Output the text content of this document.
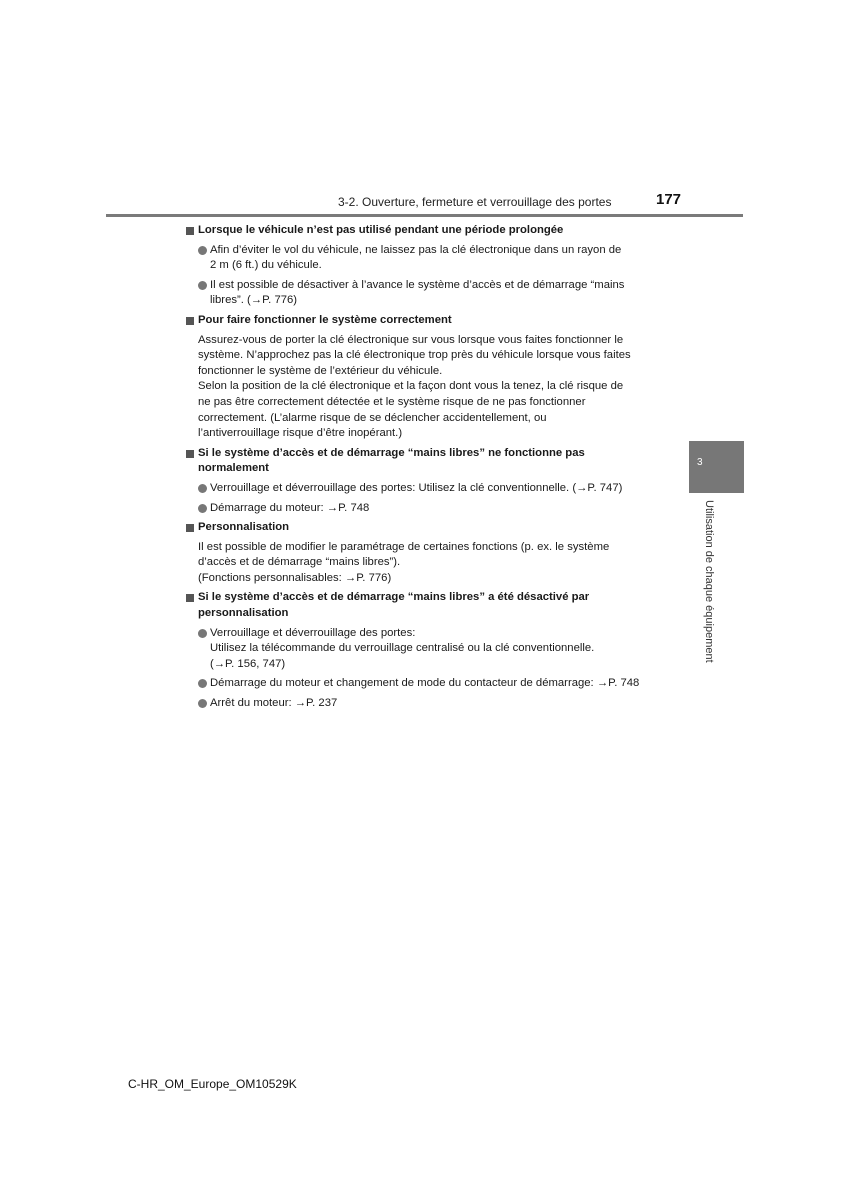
3-2. Ouverture, fermeture et verrouillage des portes	177
Lorsque le véhicule n’est pas utilisé pendant une période prolongée
Afin d’éviter le vol du véhicule, ne laissez pas la clé électronique dans un rayon de
2 m (6 ft.) du véhicule.
Il est possible de désactiver à l’avance le système d’accès et de démarrage “mains
libres”. (→P. 776)
Pour faire fonctionner le système correctement
Assurez-vous de porter la clé électronique sur vous lorsque vous faites fonctionner le
système. N’approchez pas la clé électronique trop près du véhicule lorsque vous faites
fonctionner le système de l’extérieur du véhicule.
Selon la position de la clé électronique et la façon dont vous la tenez, la clé risque de
ne pas être correctement détectée et le système risque de ne pas fonctionner
correctement. (L’alarme risque de se déclencher accidentellement, ou
l’antiverrouillage risque d’être inopérant.)
Si le système d’accès et de démarrage “mains libres” ne fonctionne pas
normalement
Verrouillage et déverrouillage des portes: Utilisez la clé conventionnelle. (→P. 747)
Démarrage du moteur: →P. 748
Personnalisation
Il est possible de modifier le paramétrage de certaines fonctions (p. ex. le système
d’accès et de démarrage “mains libres”).
(Fonctions personnalisables: →P. 776)
Si le système d’accès et de démarrage “mains libres” a été désactivé par
personnalisation
Verrouillage et déverrouillage des portes:
Utilisez la télécommande du verrouillage centralisé ou la clé conventionnelle.
(→P. 156, 747)
Démarrage du moteur et changement de mode du contacteur de démarrage: →P. 748
Arrêt du moteur: →P. 237
3
Utilisation de chaque équipement
C-HR_OM_Europe_OM10529K
